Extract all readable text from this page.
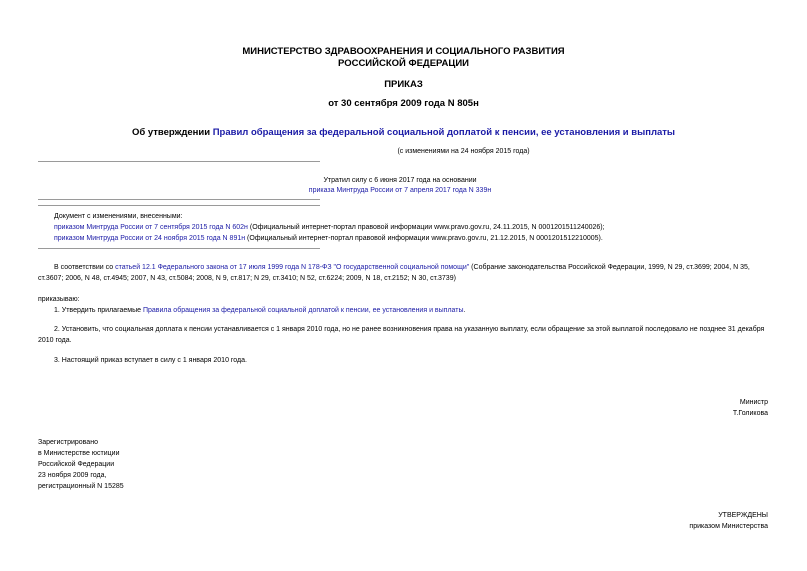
МИНИСТЕРСТВО ЗДРАВООХРАНЕНИЯ И СОЦИАЛЬНОГО РАЗВИТИЯ
РОССИЙСКОЙ ФЕДЕРАЦИИ
ПРИКАЗ
от 30 сентября 2009 года N 805н
Об утверждении Правил обращения за федеральной социальной доплатой к пенсии, ее установления и выплаты
(с изменениями на 24 ноября 2015 года)
Утратил силу с 6 июня 2017 года на основании
приказа Минтруда России от 7 апреля 2017 года N 339н
Документ с изменениями, внесенными:
приказом Минтруда России от 7 сентября 2015 года N 602н (Официальный интернет-портал правовой информации www.pravo.gov.ru, 24.11.2015, N 0001201511240026);
приказом Минтруда России от 24 ноября 2015 года N 891н (Официальный интернет-портал правовой информации www.pravo.gov.ru, 21.12.2015, N 0001201512210005).
В соответствии со статьей 12.1 Федерального закона от 17 июля 1999 года N 178-ФЗ "О государственной социальной помощи" (Собрание законодательства Российской Федерации, 1999, N 29, ст.3699; 2004, N 35, ст.3607; 2006, N 48, ст.4945; 2007, N 43, ст.5084; 2008, N 9, ст.817; N 29, ст.3410; N 52, ст.6224; 2009, N 18, ст.2152; N 30, ст.3739)
приказываю:
1. Утвердить прилагаемые Правила обращения за федеральной социальной доплатой к пенсии, ее установления и выплаты.
2. Установить, что социальная доплата к пенсии устанавливается с 1 января 2010 года, но не ранее возникновения права на указанную выплату, если обращение за этой выплатой последовало не позднее 31 декабря 2010 года.
3. Настоящий приказ вступает в силу с 1 января 2010 года.
Министр
Т.Голикова
Зарегистрировано
в Министерстве юстиции
Российской Федерации
23 ноября 2009 года,
регистрационный N 15285
УТВЕРЖДЕНЫ
приказом Министерства
